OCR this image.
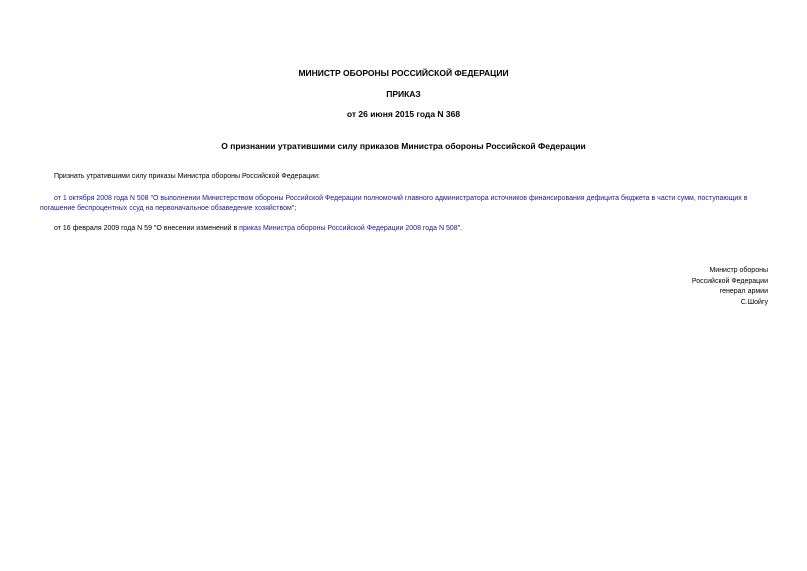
МИНИСТР ОБОРОНЫ РОССИЙСКОЙ ФЕДЕРАЦИИ
ПРИКАЗ
от 26 июня 2015 года N 368
О признании утратившими силу приказов Министра обороны Российской Федерации
Признать утратившими силу приказы Министра обороны Российской Федерации:
от 1 октября 2008 года N 508 "О выполнении Министерством обороны Российской Федерации полномочий главного администратора источников финансирования дефицита бюджета в части сумм, поступающих в погашение беспроцентных ссуд на первоначальное обзаведение хозяйством";
от 16 февраля 2009 года N 59 "О внесении изменений в приказ Министра обороны Российской Федерации 2008 года N 508".
Министр обороны
Российской Федерации
генерал армии
С.Шойгу
